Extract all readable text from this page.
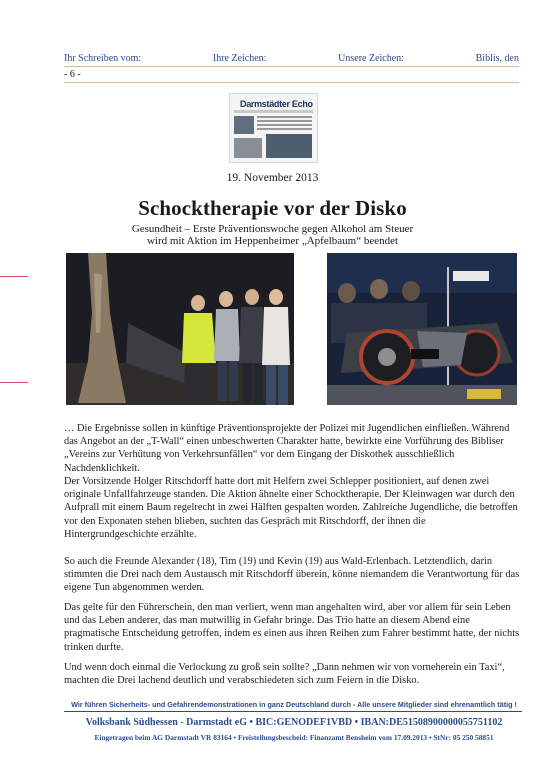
Ihr Schreiben vom:	Ihre Zeichen:	Unsere Zeichen:	Biblis, den
- 6 -
Darmstädter Echo
19. November 2013
Schocktherapie vor der Disko
Gesundheit – Erste Präventionswoche gegen Alkohol am Steuer
wird mit Aktion im Heppenheimer „Apfelbaum“ beendet
… Die Ergebnisse sollen in künftige Präventionsprojekte der Polizei mit Jugendlichen einfließen. Während das Angebot an der „T-Wall“ einen unbeschwerten Charakter hatte, bewirkte eine Vorführung des Bibliser „Vereins zur Verhütung von Verkehrsunfällen“ vor dem Eingang der Diskothek ausschließlich Nachdenklichkeit.
Der Vorsitzende Holger Ritschdorff hatte dort mit Helfern zwei Schlepper positioniert, auf denen zwei originale Unfallfahrzeuge standen. Die Aktion ähnelte einer Schocktherapie. Der Kleinwagen war durch den Aufprall mit einem Baum regelrecht in zwei Hälften gespalten worden. Zahlreiche Jugendliche, die betroffen vor den Exponaten stehen blieben, suchten das Gespräch mit Ritschdorff, der ihnen die Hintergrundgeschichte erzählte.
So auch die Freunde Alexander (18), Tim (19) und Kevin (19) aus Wald-Erlenbach. Letztendlich, darin stimmten die Drei nach dem Austausch mit Ritschdorff überein, könne niemandem die Verantwortung für das eigene Tun abgenommen werden.
Das gelte für den Führerschein, den man verliert, wenn man angehalten wird, aber vor allem für sein Leben und das Leben anderer, das man mutwillig in Gefahr bringe. Das Trio hatte an diesem Abend eine pragmatische Entscheidung getroffen, indem es einen aus ihren Reihen zum Fahrer bestimmt hatte, der nichts trinken durfte.
Und wenn doch einmal die Verlockung zu groß sein sollte? „Dann nehmen wir von vorneherein ein Taxi“, machten die Drei lachend deutlich und verabschiedeten sich zum Feiern in die Disko.
Wir führen Sicherheits- und Gefahrendemonstrationen in ganz Deutschland durch - Alle unsere Mitglieder sind ehrenamtlich tätig !
Volksbank Südhessen - Darmstadt eG • BIC:GENODEF1VBD • IBAN:DE51508900000055751102
Eingetragen beim AG Darmstadt VR 83164 • Freistellungsbescheid: Finanzamt Bensheim vom 17.09.2013 • StNr: 05 250 58851
